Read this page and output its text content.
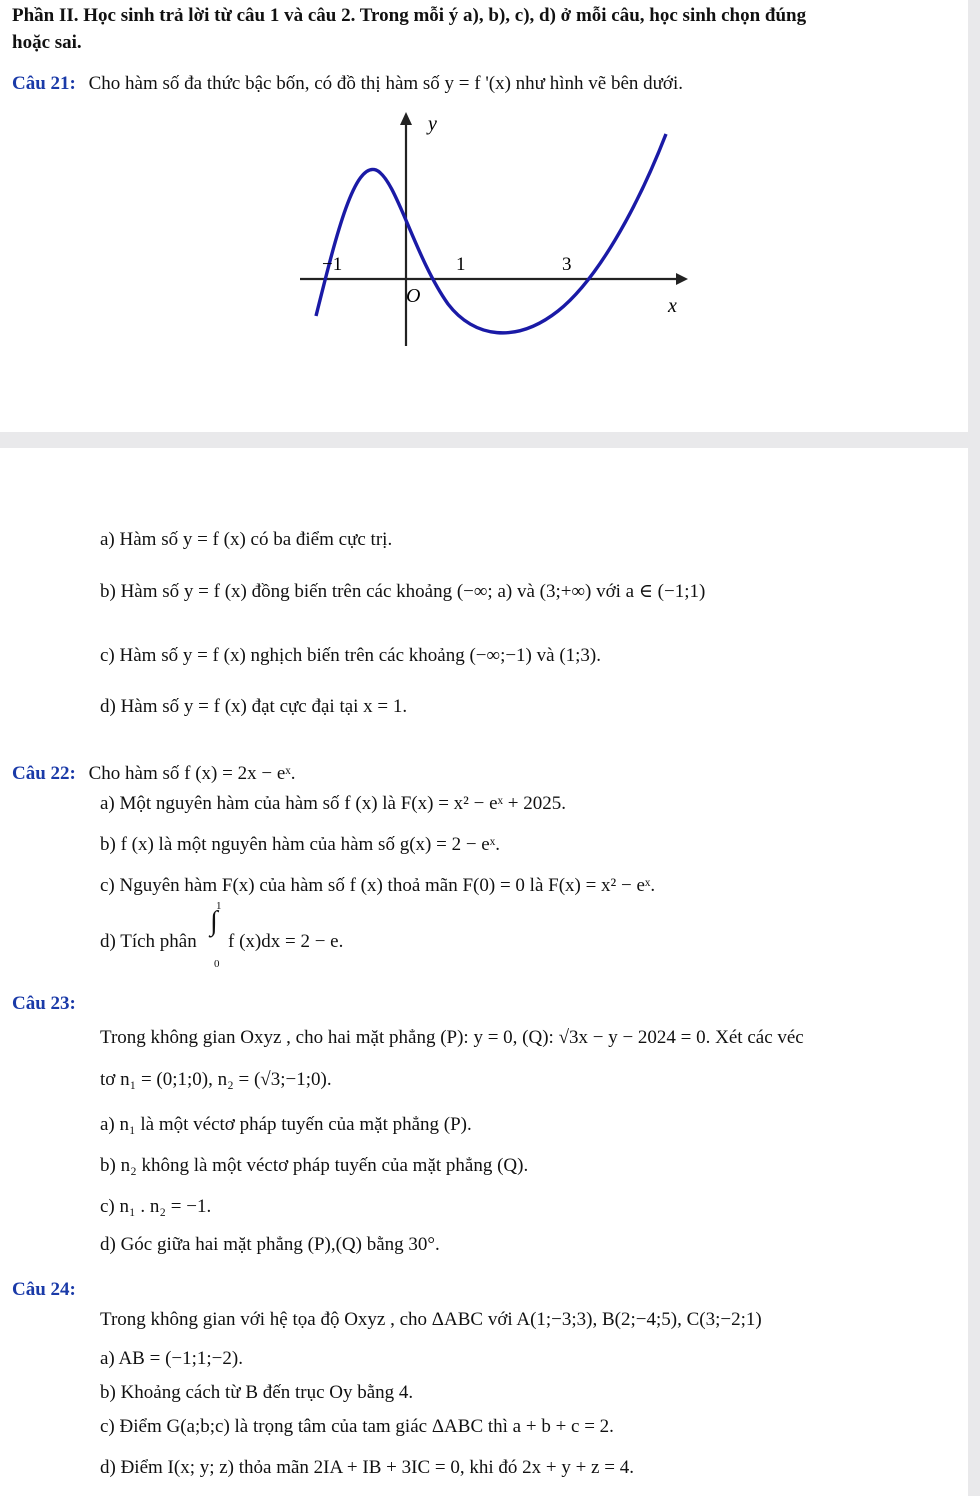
Phần II. Học sinh trả lời từ câu 1 và câu 2. Trong mỗi ý a), b), c), d) ở mỗi câu, học sinh chọn đúng
hoặc sai.
Câu 21: Cho hàm số đa thức bậc bốn, có đồ thị hàm số y = f '(x) như hình vẽ bên dưới.
y
x
O
−1	1	3
a) Hàm số y = f (x) có ba điểm cực trị.
b) Hàm số y = f (x) đồng biến trên các khoảng (−∞; a) và (3;+∞) với a ∈ (−1;1)
c) Hàm số y = f (x) nghịch biến trên các khoảng (−∞;−1) và (1;3).
d) Hàm số y = f (x) đạt cực đại tại x = 1.
Câu 22: Cho hàm số f (x) = 2x − eˣ.
a) Một nguyên hàm của hàm số f (x) là F(x) = x² − eˣ + 2025.
b) f (x) là một nguyên hàm của hàm số g(x) = 2 − eˣ.
c) Nguyên hàm F(x) của hàm số f (x) thoả mãn F(0) = 0 là F(x) = x² − eˣ.
d) Tích phân
1
∫
0
f (x)dx = 2 − e.
Câu 23:
Trong không gian Oxyz , cho hai mặt phẳng (P): y = 0, (Q): √3x − y − 2024 = 0. Xét các véc
tơ n₁ = (0;1;0), n₂ = (√3;−1;0).
a) n₁ là một véctơ pháp tuyến của mặt phẳng (P).
b) n₂ không là một véctơ pháp tuyến của mặt phẳng (Q).
c) n₁ . n₂ = −1.
d) Góc giữa hai mặt phẳng (P),(Q) bằng 30°.
Câu 24:
Trong không gian với hệ tọa độ Oxyz , cho ΔABC với A(1;−3;3), B(2;−4;5), C(3;−2;1)
a) AB = (−1;1;−2).
b) Khoảng cách từ B đến trục Oy bằng 4.
c) Điểm G(a;b;c) là trọng tâm của tam giác ΔABC thì a + b + c = 2.
d) Điểm I(x; y; z) thỏa mãn 2IA + IB + 3IC = 0, khi đó 2x + y + z = 4.
